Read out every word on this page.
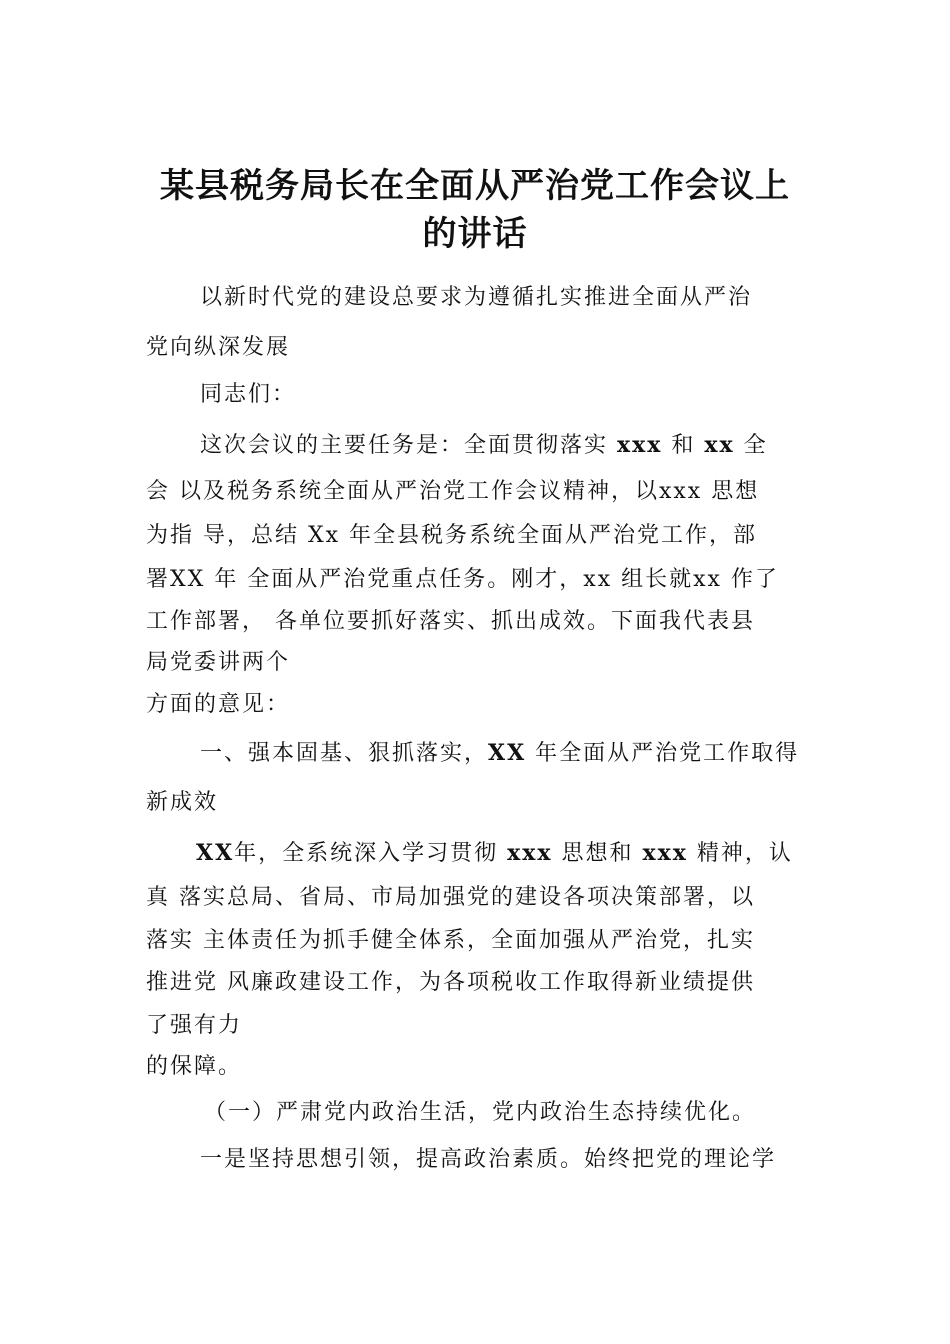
某县税务局长在全面从严治党工作会议上
的讲话
以新时代党的建设总要求为遵循扎实推进全面从严治
党向纵深发展
同志们：
这次会议的主要任务是：全面贯彻落实 xxx 和 xx 全
会 以及税务系统全面从严治党工作会议精神，以xxx 思想
为指 导，总结 Xx 年全县税务系统全面从严治党工作，部
署XX 年 全面从严治党重点任务。刚才，xx 组长就xx 作了
工作部署， 各单位要抓好落实、抓出成效。下面我代表县
局党委讲两个
方面的意见：
一、强本固基、狠抓落实，XX 年全面从严治党工作取得
新成效
XX年，全系统深入学习贯彻 xxx 思想和 xxx 精神，认
真 落实总局、省局、市局加强党的建设各项决策部署，以
落实 主体责任为抓手健全体系，全面加强从严治党，扎实
推进党 风廉政建设工作，为各项税收工作取得新业绩提供
了强有力
的保障。
（一）严肃党内政治生活，党内政治生态持续优化。
一是坚持思想引领，提高政治素质。始终把党的理论学
